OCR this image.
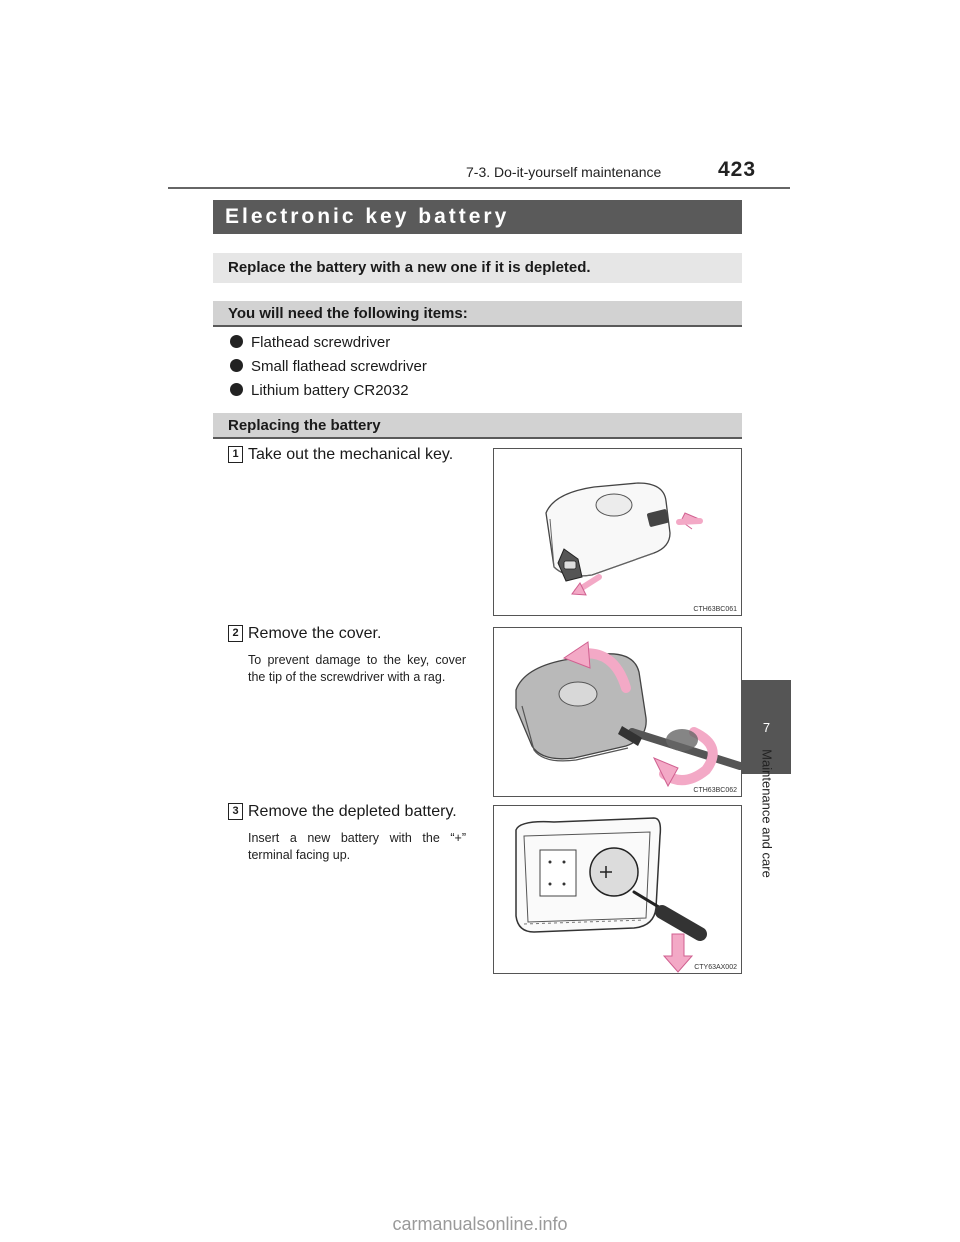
7-3. Do-it-yourself maintenance	423
7
Maintenance and care
Electronic key battery
Replace the battery with a new one if it is depleted.
You will need the following items:
Flathead screwdriver
Small flathead screwdriver
Lithium battery CR2032
Replacing the battery
1 Take out the mechanical key.
CTH63BC061
2 Remove the cover.
To prevent damage to the key, cover the tip of the screwdriver with a rag.
CTH63BC062
3 Remove the depleted battery.
Insert a new battery with the “+” terminal facing up.
CTY63AX002
carmanualsonline.info
